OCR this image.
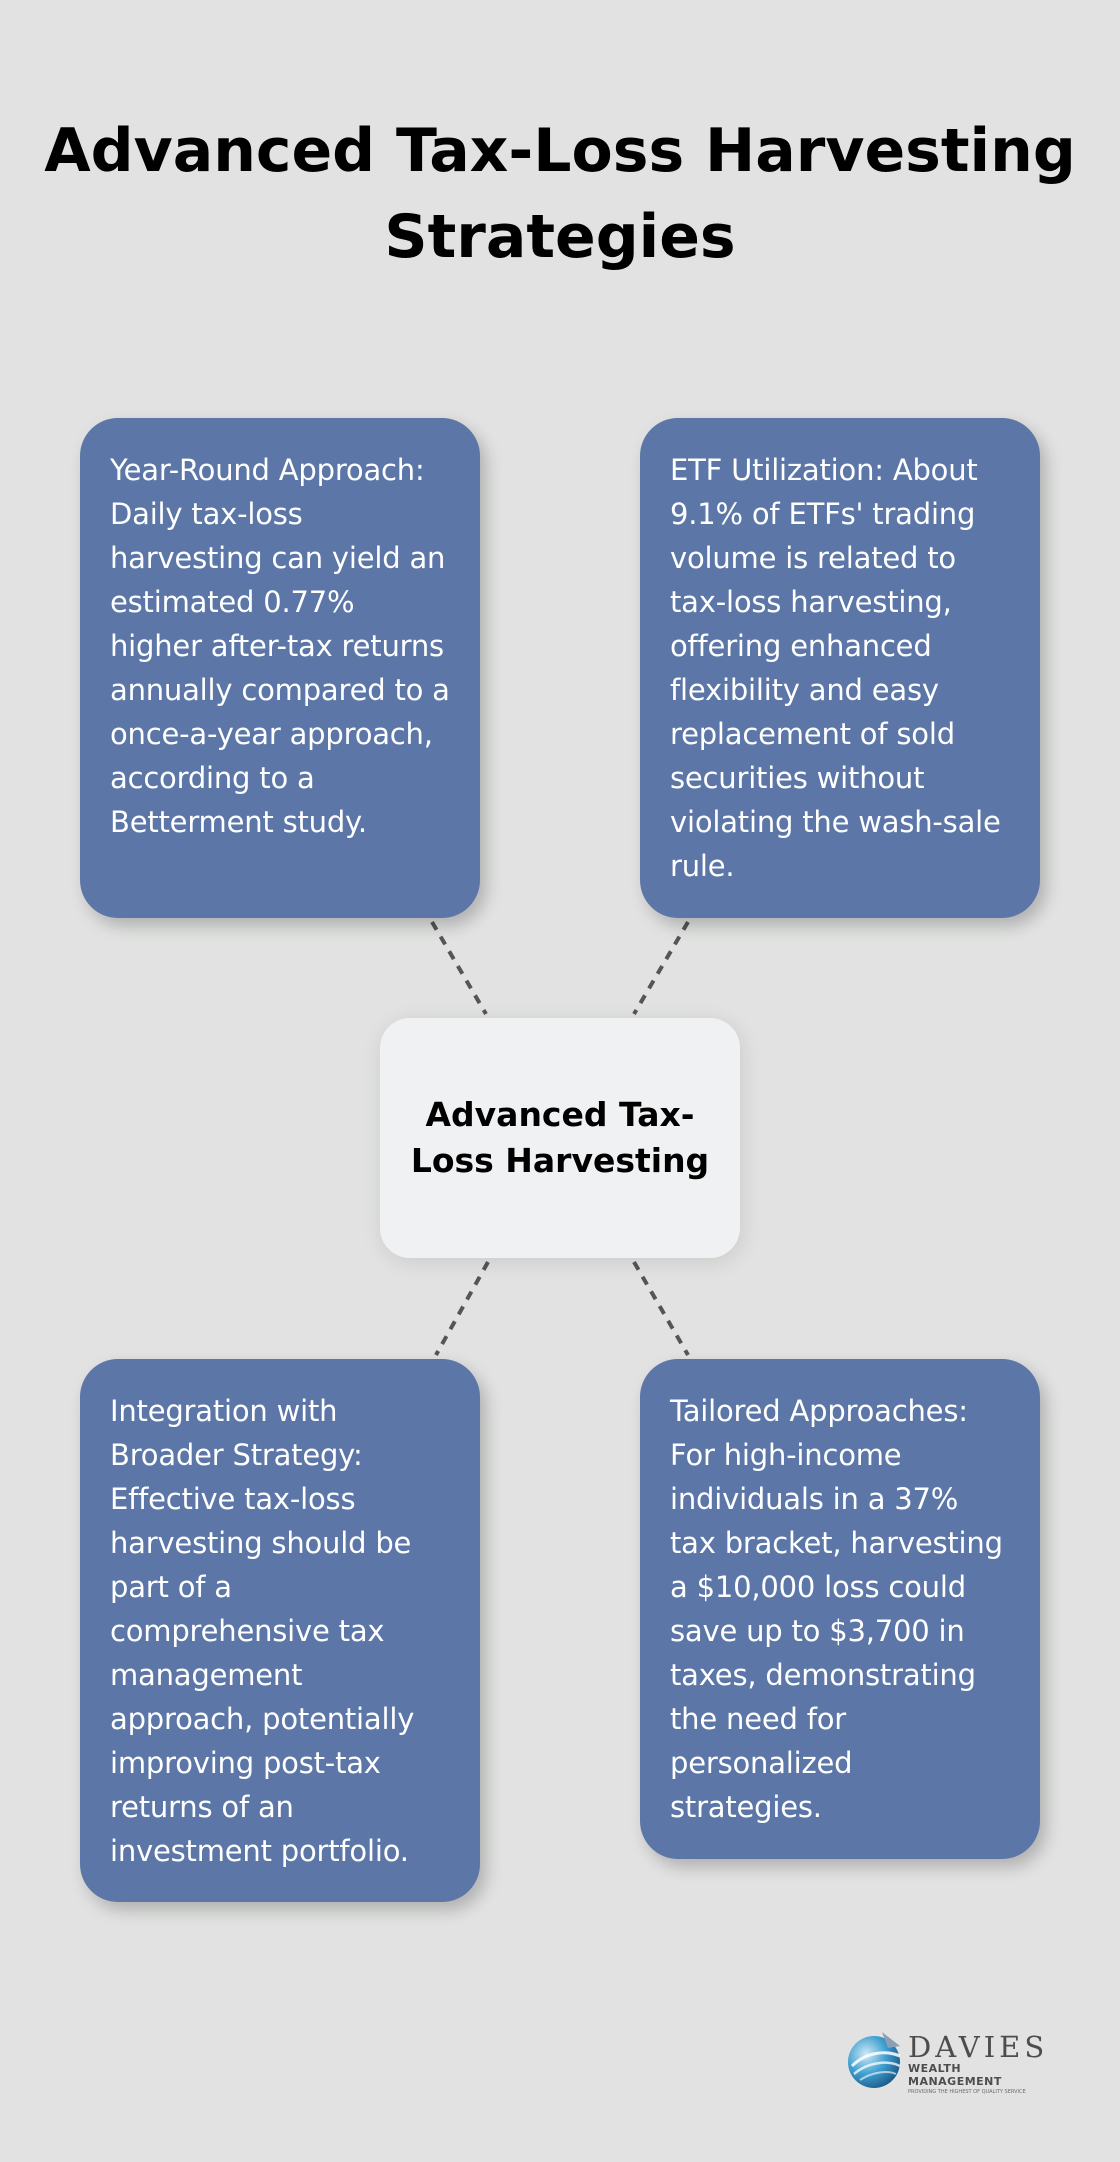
Advanced Tax-Loss Harvesting Strategies
Year-Round Approach: Daily tax-loss harvesting can yield an estimated 0.77% higher after-tax returns annually compared to a once-a-year approach, according to a Betterment study.
ETF Utilization: About 9.1% of ETFs' trading volume is related to tax-loss harvesting, offering enhanced flexibility and easy replacement of sold securities without violating the wash-sale rule.
Advanced Tax-Loss Harvesting
Integration with Broader Strategy: Effective tax-loss harvesting should be part of a comprehensive tax management approach, potentially improving post-tax returns of an investment portfolio.
Tailored Approaches: For high-income individuals in a 37% tax bracket, harvesting a $10,000 loss could save up to $3,700 in taxes, demonstrating the need for personalized strategies.
DAVIES
WEALTH MANAGEMENT
PROVIDING THE HIGHEST OF QUALITY SERVICE
